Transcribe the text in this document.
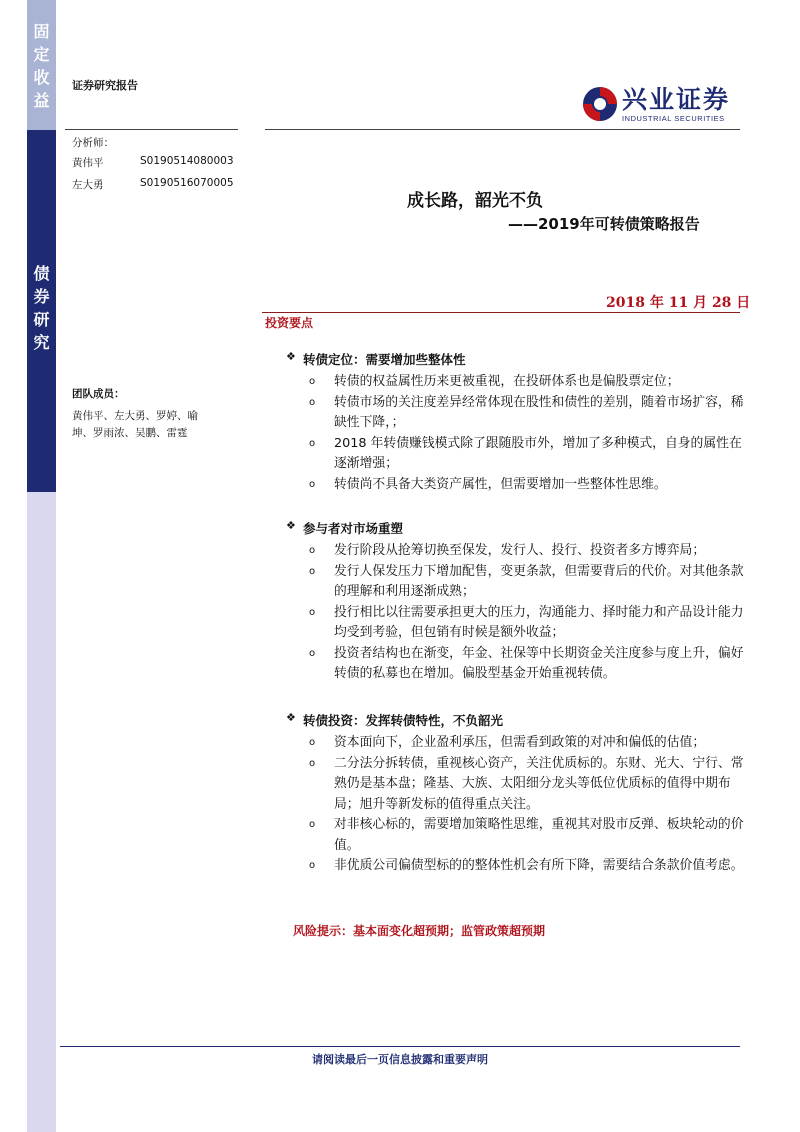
固
定
收
益
债
券
研
究
证券研究报告	兴业证券
INDUSTRIAL SECURITIES
分析师：
黄伟平	S0190514080003
左大勇	S0190516070005
成长路，韶光不负
——2019年可转债策略报告
2018 年 11 月 28 日
投资要点
团队成员：
黄伟平、左大勇、罗婷、喻坤、罗雨浓、吴鹏、雷霆
❖ 转债定位：需要增加些整体性
o 转债的权益属性历来更被重视，在投研体系也是偏股票定位；
o 转债市场的关注度差异经常体现在股性和债性的差别，随着市场扩容，稀缺性下降，；
o 2018 年转债赚钱模式除了跟随股市外，增加了多种模式，自身的属性在逐渐增强；
o 转债尚不具备大类资产属性，但需要增加一些整体性思维。
❖ 参与者对市场重塑
o 发行阶段从抢筹切换至保发，发行人、投行、投资者多方博弈局；
o 发行人保发压力下增加配售，变更条款，但需要背后的代价。对其他条款的理解和利用逐渐成熟；
o 投行相比以往需要承担更大的压力，沟通能力、择时能力和产品设计能力均受到考验，但包销有时候是额外收益；
o 投资者结构也在渐变，年金、社保等中长期资金关注度参与度上升，偏好转债的私募也在增加。偏股型基金开始重视转债。
❖ 转债投资：发挥转债特性，不负韶光
o 资本面向下，企业盈利承压，但需看到政策的对冲和偏低的估值；
o 二分法分拆转债，重视核心资产，关注优质标的。东财、光大、宁行、常熟仍是基本盘；隆基、大族、太阳细分龙头等低位优质标的值得中期布局；旭升等新发标的值得重点关注。
o 对非核心标的，需要增加策略性思维，重视其对股市反弹、板块轮动的价值。
o 非优质公司偏债型标的的整体性机会有所下降，需要结合条款价值考虑。
风险提示：基本面变化超预期；监管政策超预期
请阅读最后一页信息披露和重要声明
